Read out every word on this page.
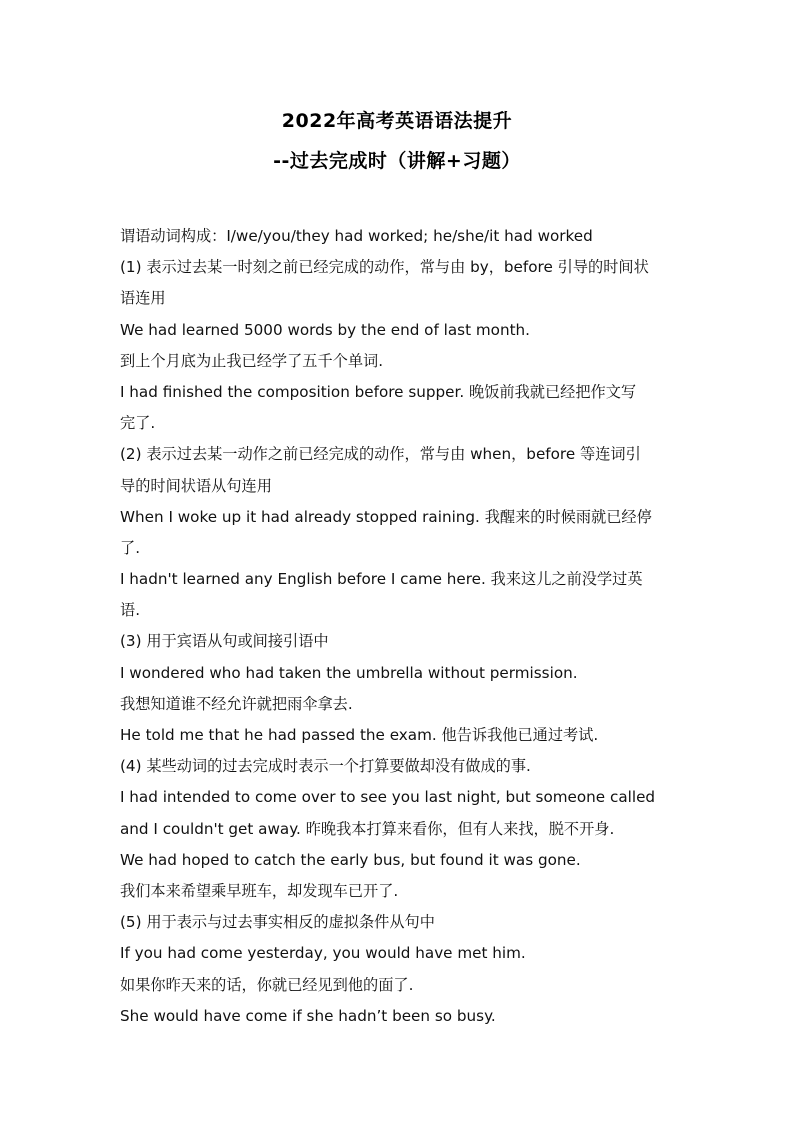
2022年高考英语语法提升
--过去完成时（讲解+习题）
谓语动词构成：I/we/you/they had worked; he/she/it had worked
(1) 表示过去某一时刻之前已经完成的动作，常与由 by，before 引导的时间状
语连用
We had learned 5000 words by the end of last month.
到上个月底为止我已经学了五千个单词.
I had finished the composition before supper. 晚饭前我就已经把作文写
完了.
(2) 表示过去某一动作之前已经完成的动作，常与由 when，before 等连词引
导的时间状语从句连用
When I woke up it had already stopped raining. 我醒来的时候雨就已经停
了.
I hadn't learned any English before I came here. 我来这儿之前没学过英
语.
(3) 用于宾语从句或间接引语中
I wondered who had taken the umbrella without permission.
我想知道谁不经允许就把雨伞拿去.
He told me that he had passed the exam. 他告诉我他已通过考试.
(4) 某些动词的过去完成时表示一个打算要做却没有做成的事.
I had intended to come over to see you last night, but someone called
and I couldn't get away. 昨晚我本打算来看你，但有人来找，脱不开身.
We had hoped to catch the early bus, but found it was gone.
我们本来希望乘早班车，却发现车已开了.
(5) 用于表示与过去事实相反的虚拟条件从句中
If you had come yesterday, you would have met him.
如果你昨天来的话，你就已经见到他的面了.
She would have come if she hadn’t been so busy.
